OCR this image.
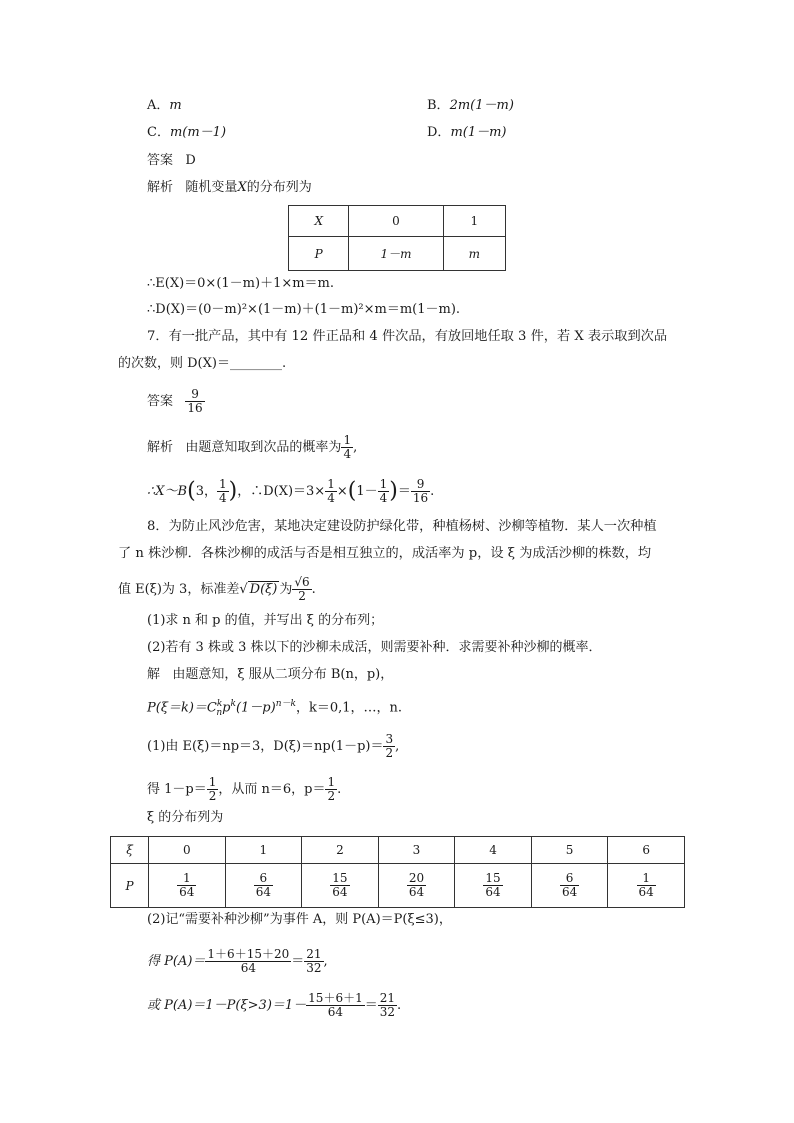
A．m	B．2m(1－m)
C．m(m－1)	D．m(1－m)
答案 D
解析 随机变量X的分布列为
X	0	1
P	1－m	m
∴E(X)＝0×(1－m)＋1×m＝m.
∴D(X)＝(0－m)²×(1－m)＋(1－m)²×m＝m(1－m).
7．有一批产品，其中有 12 件正品和 4 件次品，有放回地任取 3 件，若 X 表示取到次品
的次数，则 D(X)＝________.
答案 $\frac{9}{16}$
解析 由题意知取到次品的概率为 $\frac{1}{4}$ ,
∴X～B(3， $\frac{1}{4}$ )，∴D(X)＝3× $\frac{1}{4} \times(1- \frac{1}{4}$ )＝ $\frac{9}{16}$ .
8．为防止风沙危害，某地决定建设防护绿化带，种植杨树、沙柳等植物．某人一次种植
了 n 株沙柳．各株沙柳的成活与否是相互独立的，成活率为 p，设 ξ 为成活沙柳的株数，均
值 E(ξ)为 3，标准差√ D(ξ) 为 $\frac{√6}{2}$ .
(1)求 n 和 p 的值，并写出 ξ 的分布列；
(2)若有 3 株或 3 株以下的沙柳未成活，则需要补种．求需要补种沙柳的概率．
解 由题意知，ξ 服从二项分布 B(n，p)，
$P(\xi=k)=C^k_np^k(1-p)^{n-k}$，k＝0,1，…，n.
(1)由 E(ξ)＝np＝3，$D(\xi)=np(1-p)= \frac{3}{2}$ ,
得 $1-p= \frac{1}{2}$ ，从而 n＝6，$p= \frac{1}{2}$ .
ξ 的分布列为
ξ	0	1	2	3	4	5	6
P	$\frac{1}{64}$	$\frac{6}{64}$	$\frac{15}{64}$	$\frac{20}{64}$	$\frac{15}{64}$	$\frac{6}{64}$	$\frac{1}{64}$
(2)记“需要补种沙柳”为事件 A，则 P(A)＝P(ξ≤3)，
得 $P(A)= \frac{1+6+15+20}{64} = \frac{21}{32}$ ,
或 $P(A)=1-P(\xi>3)=1- \frac{15+6+1}{64} = \frac{21}{32}$ .
